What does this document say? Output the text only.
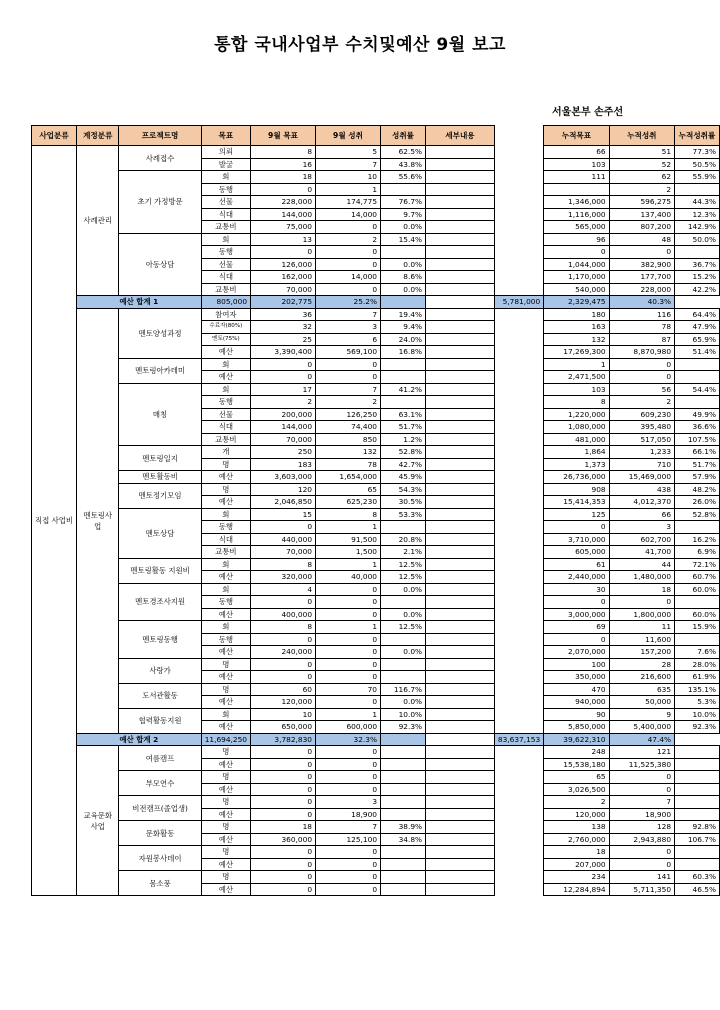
통합 국내사업부 수치및예산 9월 보고
서울본부 손주선
사업분류	계정분류	프로젝트명	목표	9월 목표	9월 성취	성취률	세부내용		누적목표	누적성취	누적성취률
직접 사업비	사례관리	사례접수	의뢰	8	5	62.5%			66	51	77.3%
			발굴	16	7	43.8%			103	52	50.5%
		초기 가정방문	회	18	10	55.6%			111	62	55.9%
			동행	0	1					2	
			선물	228,000	174,775	76.7%			1,346,000	596,275	44.3%
			식대	144,000	14,000	9.7%			1,116,000	137,400	12.3%
			교통비	75,000	0	0.0%			565,000	807,200	142.9%
		아동상담	회	13	2	15.4%			96	48	50.0%
			동행	0	0				0	0	
			선물	126,000	0	0.0%			1,044,000	382,900	36.7%
			식대	162,000	14,000	8.6%			1,170,000	177,700	15.2%
			교통비	70,000	0	0.0%			540,000	228,000	42.2%
	예산 합계 1		805,000	202,775	25.2%			5,781,000	2,329,475	40.3%	
	멘토링사업	멘토양성과정	참여자	36	7	19.4%			180	116	64.4%
			수료자(80%)	32	3	9.4%			163	78	47.9%
			멘토(75%)	25	6	24.0%			132	87	65.9%
			예산	3,390,400	569,100	16.8%			17,269,300	8,870,980	51.4%
		멘토링아카데미	회	0	0				1	0	
			예산	0	0				2,471,500	0	
		매칭	회	17	7	41.2%			103	56	54.4%
			동행	2	2				8	2	
			선물	200,000	126,250	63.1%			1,220,000	609,230	49.9%
			식대	144,000	74,400	51.7%			1,080,000	395,480	36.6%
			교통비	70,000	850	1.2%			481,000	517,050	107.5%
		멘토링일지	개	250	132	52.8%			1,864	1,233	66.1%
			명	183	78	42.7%			1,373	710	51.7%
		멘토활동비	예산	3,603,000	1,654,000	45.9%			26,736,000	15,469,000	57.9%
		멘토정기모임	명	120	65	54.3%			908	438	48.2%
			예산	2,046,850	625,230	30.5%			15,414,353	4,012,370	26.0%
		멘토상담	회	15	8	53.3%			125	66	52.8%
			동행	0	1				0	3	
			식대	440,000	91,500	20.8%			3,710,000	602,700	16.2%
			교통비	70,000	1,500	2.1%			605,000	41,700	6.9%
		멘토링활동 지원비	회	8	1	12.5%			61	44	72.1%
			예산	320,000	40,000	12.5%			2,440,000	1,480,000	60.7%
		멘토경조사지원	회	4	0	0.0%			30	18	60.0%
			동행	0	0				0	0	
			예산	400,000	0	0.0%			3,000,000	1,800,000	60.0%
		멘토링동행	회	8	1	12.5%			69	11	15.9%
			동행	0	0				0	11,600	
			예산	240,000	0	0.0%			2,070,000	157,200	7.6%
		사랑가	명	0	0				100	28	28.0%
			예산	0	0				350,000	216,600	61.9%
		도서관활동	명	60	70	116.7%			470	635	135.1%
			예산	120,000	0	0.0%			940,000	50,000	5.3%
		협력활동지원	회	10	1	10.0%			90	9	10.0%
			예산	650,000	600,000	92.3%			5,850,000	5,400,000	92.3%
	예산 합계 2		11,694,250	3,782,830	32.3%			83,637,153	39,622,310	47.4%	
	교육문화 사업	여름캠프	명	0	0				248	121	
			예산	0	0				15,538,180	11,525,380	
		부모연수	명	0	0				65	0	
			예산	0	0				3,026,500	0	
		비전캠프(졸업생)	명	0	3				2	7	
			예산	0	18,900				120,000	18,900	
		문화활동	명	18	7	38.9%			138	128	92.8%
			예산	360,000	125,100	34.8%			2,760,000	2,943,880	106.7%
		자원봉사데이	명	0	0				18	0	
			예산	0	0				207,000	0	
		몸소풍	명	0	0				234	141	60.3%
			예산	0	0				12,284,894	5,711,350	46.5%
